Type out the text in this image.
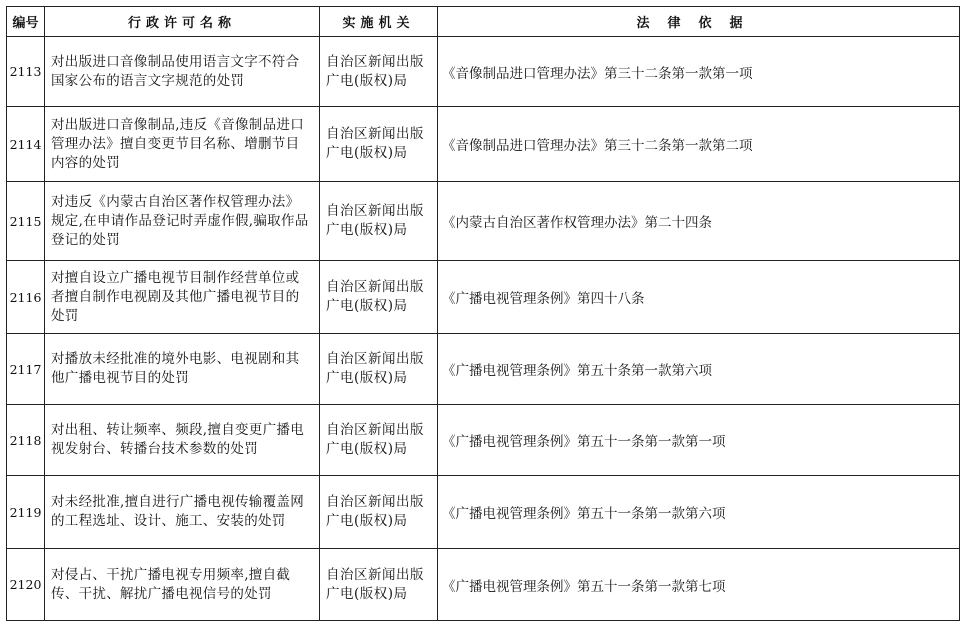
编号	行政许可名称	实施机关	法律依据
2113	对出版进口音像制品使用语言文字不符合国家公布的语言文字规范的处罚	自治区新闻出版
广电(版权)局	《音像制品进口管理办法》第三十二条第一款第一项
2114	对出版进口音像制品,违反《音像制品进口管理办法》擅自变更节目名称、增删节目内容的处罚	自治区新闻出版
广电(版权)局	《音像制品进口管理办法》第三十二条第一款第二项
2115	对违反《内蒙古自治区著作权管理办法》规定,在申请作品登记时弄虚作假,骗取作品登记的处罚	自治区新闻出版
广电(版权)局	《内蒙古自治区著作权管理办法》第二十四条
2116	对擅自设立广播电视节目制作经营单位或者擅自制作电视剧及其他广播电视节目的处罚	自治区新闻出版
广电(版权)局	《广播电视管理条例》第四十八条
2117	对播放未经批准的境外电影、电视剧和其他广播电视节目的处罚	自治区新闻出版
广电(版权)局	《广播电视管理条例》第五十条第一款第六项
2118	对出租、转让频率、频段,擅自变更广播电视发射台、转播台技术参数的处罚	自治区新闻出版
广电(版权)局	《广播电视管理条例》第五十一条第一款第一项
2119	对未经批准,擅自进行广播电视传输覆盖网的工程选址、设计、施工、安装的处罚	自治区新闻出版
广电(版权)局	《广播电视管理条例》第五十一条第一款第六项
2120	对侵占、干扰广播电视专用频率,擅自截传、干扰、解扰广播电视信号的处罚	自治区新闻出版
广电(版权)局	《广播电视管理条例》第五十一条第一款第七项
